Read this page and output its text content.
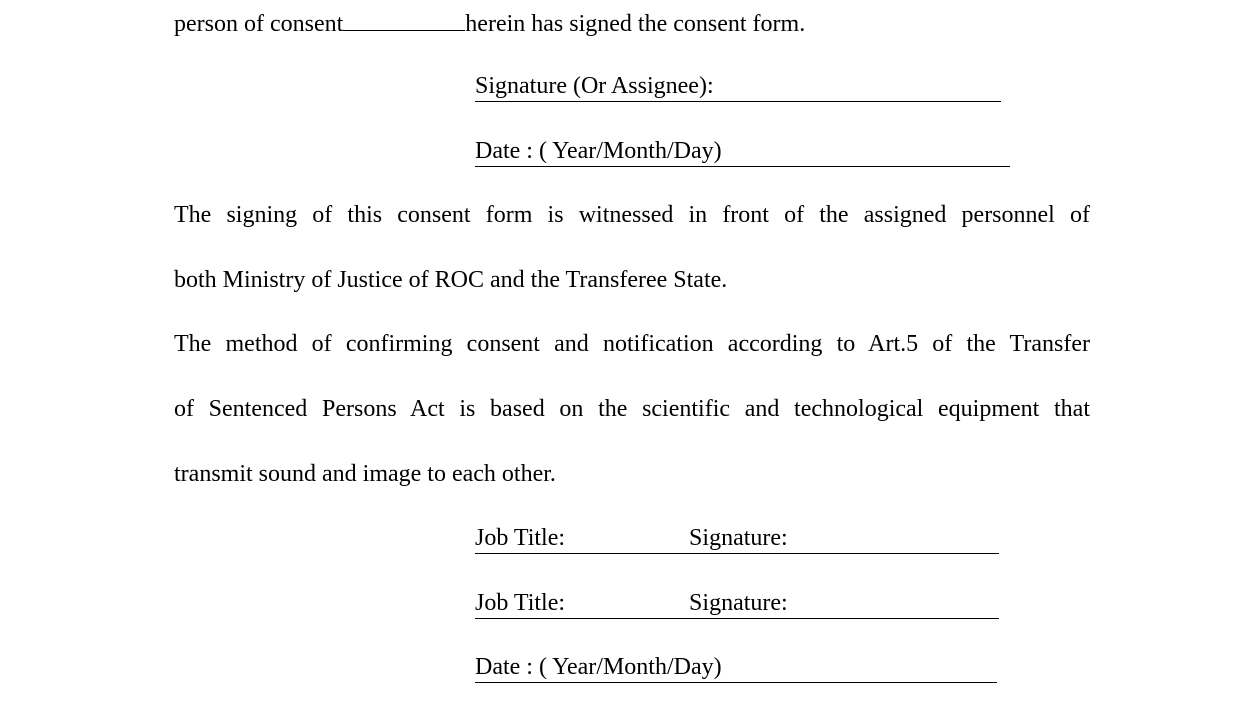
person of consent	herein has signed the consent form.
Signature (Or Assignee):
Date : ( Year/Month/Day)
The signing of this consent form is witnessed in front of the assigned personnel of
both Ministry of Justice of ROC and the Transferee State.
The method of confirming consent and notification according to Art.5 of the Transfer
of Sentenced Persons Act is based on the scientific and technological equipment that
transmit sound and image to each other.
Job Title:	Signature:
Job Title:	Signature:
Date : ( Year/Month/Day)
